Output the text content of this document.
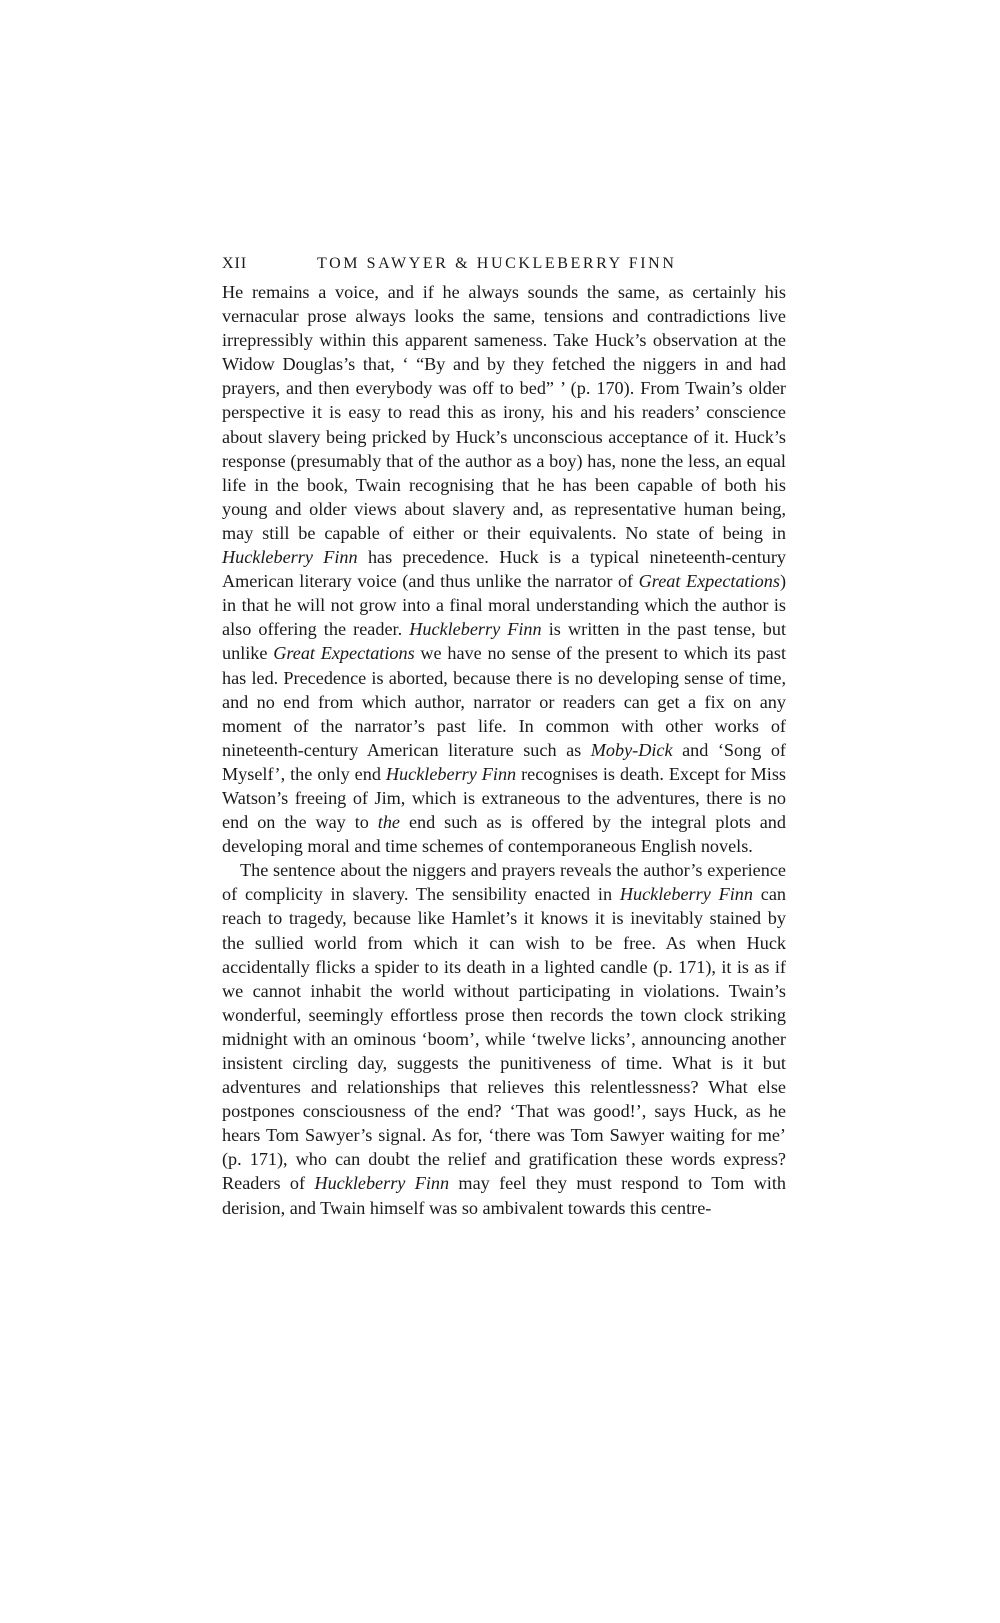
XII	TOM SAWYER & HUCKLEBERRY FINN

He remains a voice, and if he always sounds the same, as certainly his vernacular prose always looks the same, tensions and contradictions live irrepressibly within this apparent sameness. Take Huck’s observation at the Widow Douglas’s that, ‘ “By and by they fetched the niggers in and had prayers, and then everybody was off to bed” ’ (p. 170). From Twain’s older perspective it is easy to read this as irony, his and his readers’ conscience about slavery being pricked by Huck’s unconscious acceptance of it. Huck’s response (presumably that of the author as a boy) has, none the less, an equal life in the book, Twain recognising that he has been capable of both his young and older views about slavery and, as representative human being, may still be capable of either or their equivalents. No state of being in Huckleberry Finn has precedence. Huck is a typical nineteenth-century American literary voice (and thus unlike the narrator of Great Expectations) in that he will not grow into a final moral understanding which the author is also offering the reader. Huckleberry Finn is written in the past tense, but unlike Great Expectations we have no sense of the present to which its past has led. Precedence is aborted, because there is no developing sense of time, and no end from which author, narrator or readers can get a fix on any moment of the narrator’s past life. In common with other works of nineteenth-century American literature such as Moby-Dick and ‘Song of Myself’, the only end Huckleberry Finn recognises is death. Except for Miss Watson’s freeing of Jim, which is extraneous to the adventures, there is no end on the way to the end such as is offered by the integral plots and developing moral and time schemes of contemporaneous English novels.

The sentence about the niggers and prayers reveals the author’s experience of complicity in slavery. The sensibility enacted in Huckleberry Finn can reach to tragedy, because like Hamlet’s it knows it is inevitably stained by the sullied world from which it can wish to be free. As when Huck accidentally flicks a spider to its death in a lighted candle (p. 171), it is as if we cannot inhabit the world without participating in violations. Twain’s wonderful, seemingly effortless prose then records the town clock striking midnight with an ominous ‘boom’, while ‘twelve licks’, announcing another insistent circling day, suggests the punitiveness of time. What is it but adventures and relationships that relieves this relentlessness? What else postpones consciousness of the end? ‘That was good!’, says Huck, as he hears Tom Sawyer’s signal. As for, ‘there was Tom Sawyer waiting for me’ (p. 171), who can doubt the relief and gratification these words express? Readers of Huckleberry Finn may feel they must respond to Tom with derision, and Twain himself was so ambivalent towards this centre-
